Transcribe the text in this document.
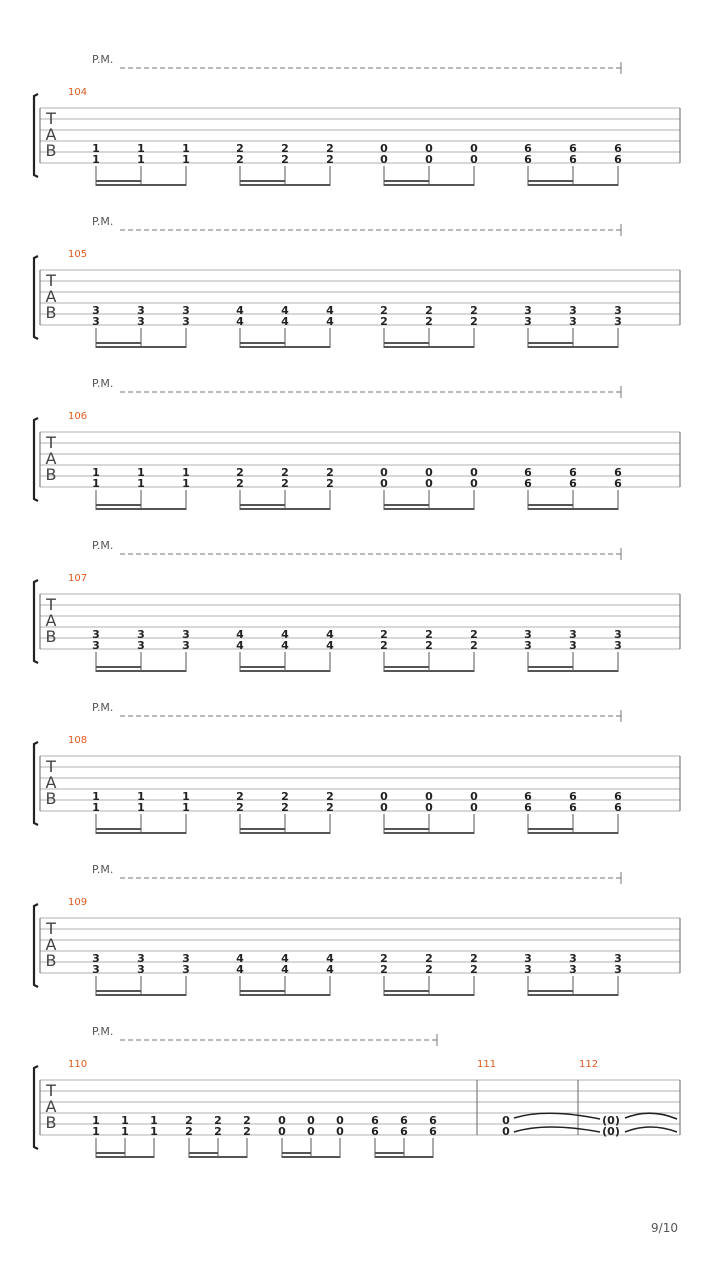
T
A
B
P.M.
104
1
1
1
1
1
1
2
2
2
2
2
2
0
0
0
0
0
0
6
6
6
6
6
6
T
A
B
P.M.
105
3
3
3
3
3
3
4
4
4
4
4
4
2
2
2
2
2
2
3
3
3
3
3
3
T
A
B
P.M.
106
1
1
1
1
1
1
2
2
2
2
2
2
0
0
0
0
0
0
6
6
6
6
6
6
T
A
B
P.M.
107
3
3
3
3
3
3
4
4
4
4
4
4
2
2
2
2
2
2
3
3
3
3
3
3
T
A
B
P.M.
108
1
1
1
1
1
1
2
2
2
2
2
2
0
0
0
0
0
0
6
6
6
6
6
6
T
A
B
P.M.
109
3
3
3
3
3
3
4
4
4
4
4
4
2
2
2
2
2
2
3
3
3
3
3
3
T
A
B
P.M.
110
1
1
1
1
1
1
2
2
2
2
2
2
0
0
0
0
0
0
6
6
6
6
6
6
111
0
0
112
(0)
(0)
9/10
